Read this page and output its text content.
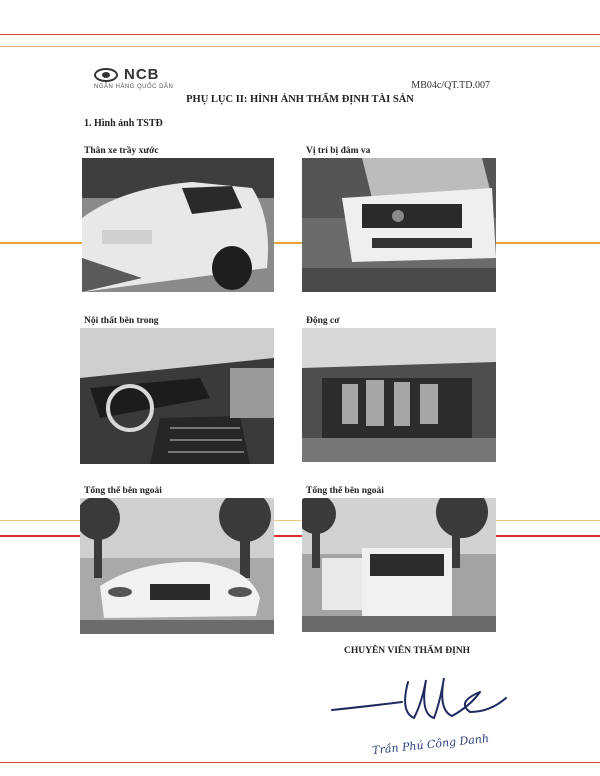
NCB
NGÂN HÀNG QUỐC DÂN	MB04c/QT.TD.007
PHỤ LỤC II: HÌNH ẢNH THẨM ĐỊNH TÀI SẢN
1. Hình ảnh TSTĐ
Thân xe trầy xước	Vị trí bị đâm va
Nội thất bên trong	Động cơ
Tổng thể bên ngoài	Tổng thể bên ngoài
CHUYÊN VIÊN THẨM ĐỊNH
Trần Phú Công Danh
